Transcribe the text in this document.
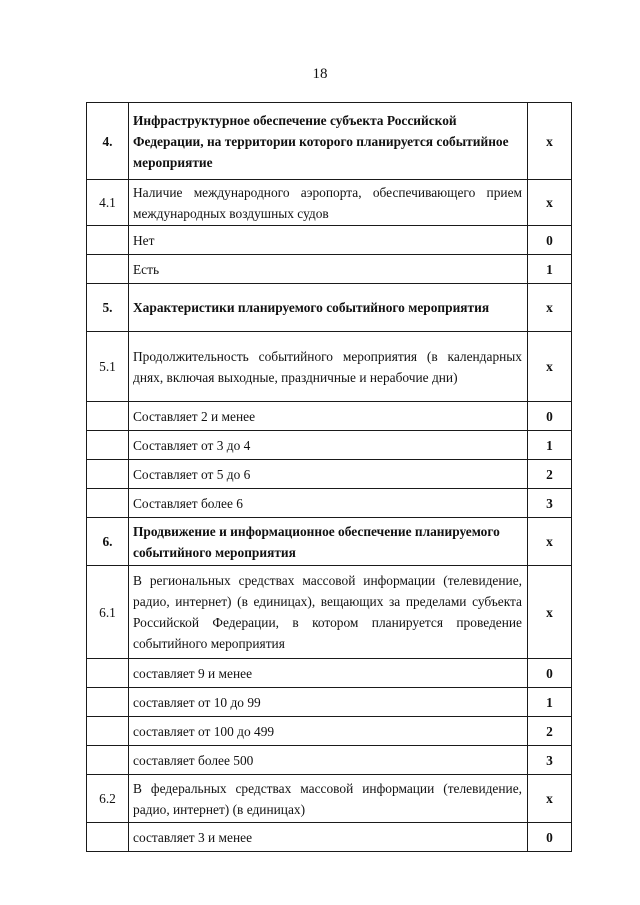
18
4.	Инфраструктурное обеспечение субъекта Российской Федерации, на территории которого планируется событийное мероприятие	х
4.1	Наличие международного аэропорта, обеспечивающего прием международных воздушных судов	х

	Нет	0

	Есть	1
5.	Характеристики планируемого событийного мероприятия	х
5.1	Продолжительность событийного мероприятия (в календарных днях, включая выходные, праздничные и нерабочие дни)	х

	Составляет 2 и менее	0

	Составляет от 3 до 4	1

	Составляет от 5 до 6	2

	Составляет более 6	3
6.	Продвижение и информационное обеспечение планируемого событийного мероприятия	х
6.1	В региональных средствах массовой информации (телевидение, радио, интернет) (в единицах), вещающих за пределами субъекта Российской Федерации, в котором планируется проведение событийного мероприятия	х

	составляет 9 и менее	0

	составляет от 10 до 99	1

	составляет от 100 до 499	2

	составляет более 500	3
6.2	В федеральных средствах массовой информации (телевидение, радио, интернет) (в единицах)	х

	составляет 3 и менее	0
